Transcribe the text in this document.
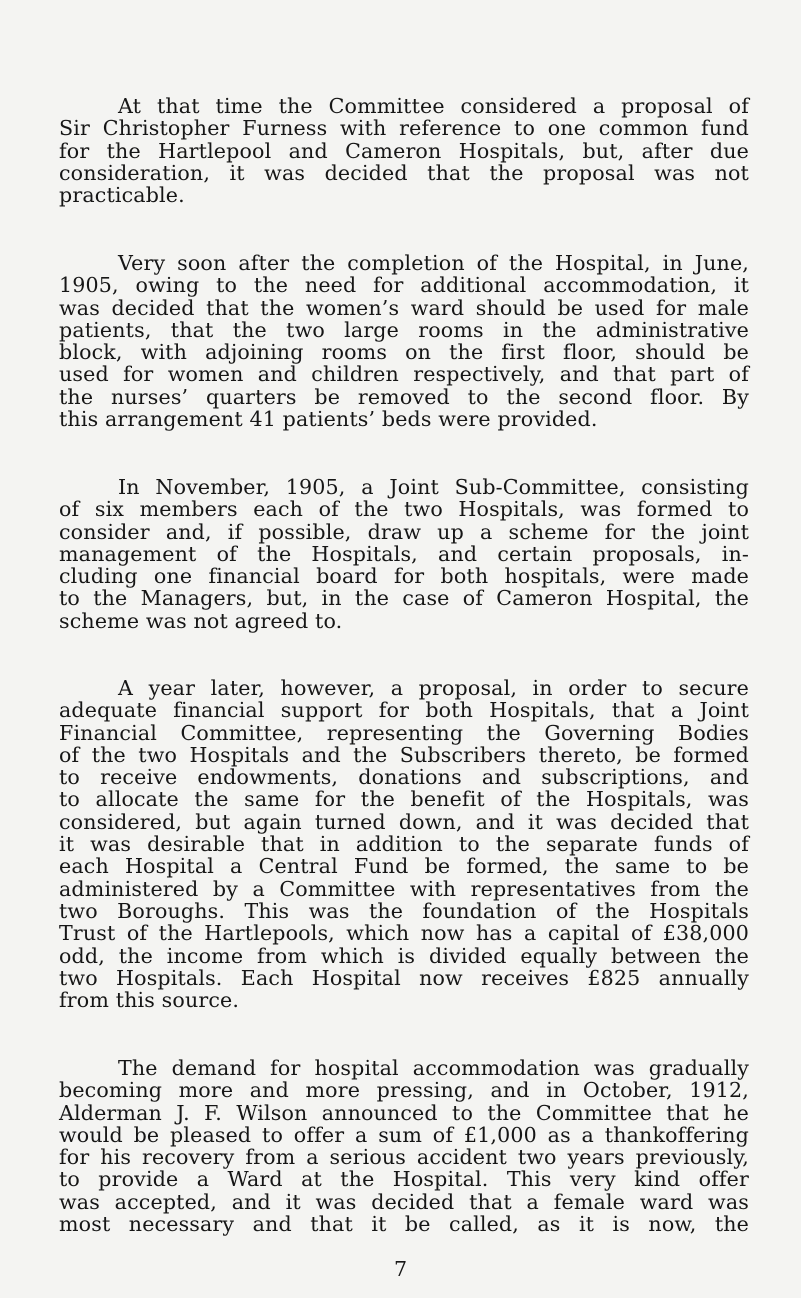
At that time the Committee considered a proposal of
Sir Christopher Furness with reference to one common fund
for the Hartlepool and Cameron Hospitals, but, after due
consideration, it was decided that the proposal was not
practicable.
Very soon after the completion of the Hospital, in June,
1905, owing to the need for additional accommodation, it
was decided that the women’s ward should be used for male
patients, that the two large rooms in the administrative
block, with adjoining rooms on the first floor, should be
used for women and children respectively, and that part of
the nurses’ quarters be removed to the second floor. By
this arrangement 41 patients’ beds were provided.
In November, 1905, a Joint Sub-Committee, consisting
of six members each of the two Hospitals, was formed to
consider and, if possible, draw up a scheme for the joint
management of the Hospitals, and certain proposals, in-
cluding one financial board for both hospitals, were made
to the Managers, but, in the case of Cameron Hospital, the
scheme was not agreed to.
A year later, however, a proposal, in order to secure
adequate financial support for both Hospitals, that a Joint
Financial Committee, representing the Governing Bodies
of the two Hospitals and the Subscribers thereto, be formed
to receive endowments, donations and subscriptions, and
to allocate the same for the benefit of the Hospitals, was
considered, but again turned down, and it was decided that
it was desirable that in addition to the separate funds of
each Hospital a Central Fund be formed, the same to be
administered by a Committee with representatives from the
two Boroughs. This was the foundation of the Hospitals
Trust of the Hartlepools, which now has a capital of £38,000
odd, the income from which is divided equally between the
two Hospitals. Each Hospital now receives £825 annually
from this source.
The demand for hospital accommodation was gradually
becoming more and more pressing, and in October, 1912,
Alderman J. F. Wilson announced to the Committee that he
would be pleased to offer a sum of £1,000 as a thankoffering
for his recovery from a serious accident two years previously,
to provide a Ward at the Hospital. This very kind offer
was accepted, and it was decided that a female ward was
most necessary and that it be called, as it is now, the
7
